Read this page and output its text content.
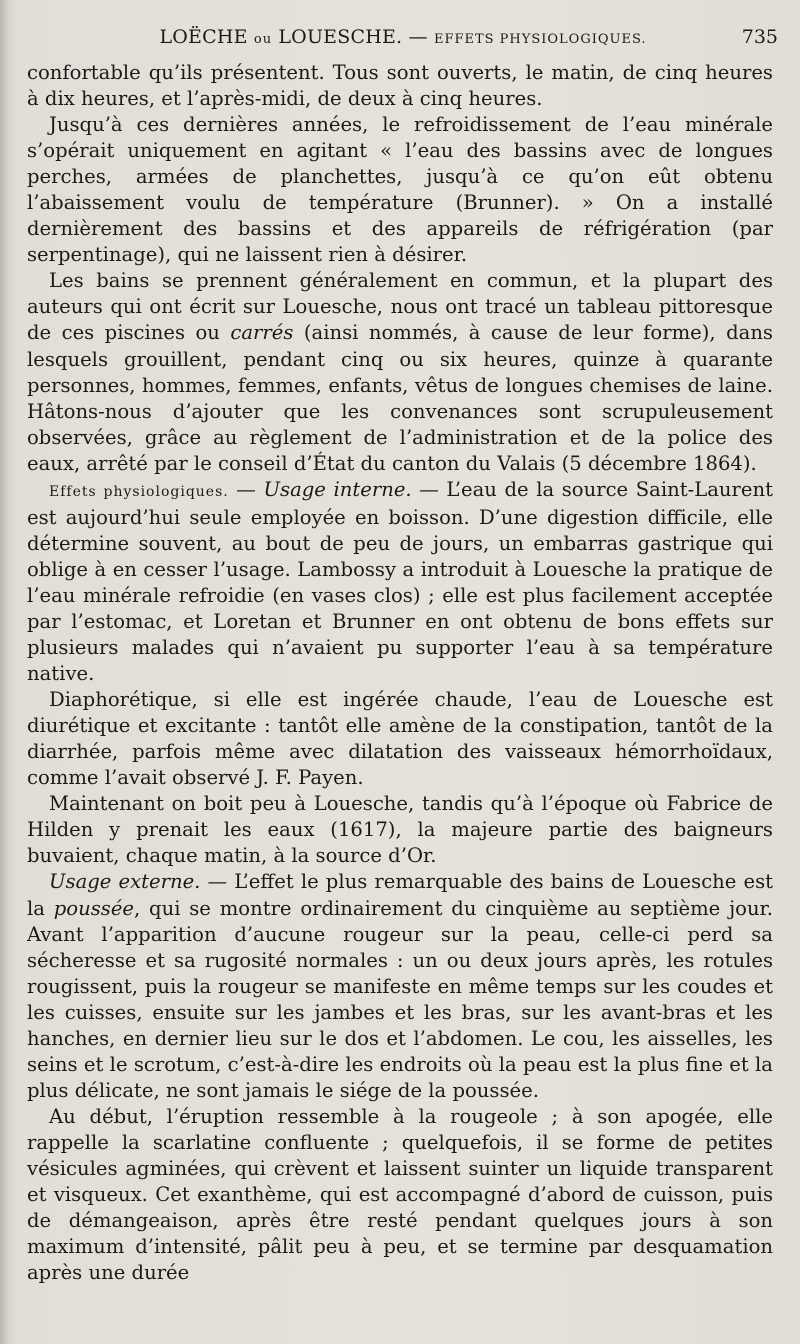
LOËCHE ou LOUESCHE. — EFFETS PHYSIOLOGIQUES.	735

confortable qu’ils présentent. Tous sont ouverts, le matin, de cinq heures à dix heures, et l’après-midi, de deux à cinq heures.

Jusqu’à ces dernières années, le refroidissement de l’eau minérale s’opérait uniquement en agitant « l’eau des bassins avec de longues perches, armées de planchettes, jusqu’à ce qu’on eût obtenu l’abaissement voulu de température (Brunner). » On a installé dernièrement des bassins et des appareils de réfrigération (par serpentinage), qui ne laissent rien à désirer.

Les bains se prennent généralement en commun, et la plupart des auteurs qui ont écrit sur Louesche, nous ont tracé un tableau pittoresque de ces piscines ou carrés (ainsi nommés, à cause de leur forme), dans lesquels grouillent, pendant cinq ou six heures, quinze à quarante personnes, hommes, femmes, enfants, vêtus de longues chemises de laine. Hâtons-nous d’ajouter que les convenances sont scrupuleusement observées, grâce au règlement de l’administration et de la police des eaux, arrêté par le conseil d’État du canton du Valais (5 décembre 1864).

Effets physiologiques. — Usage interne. — L’eau de la source Saint-Laurent est aujourd’hui seule employée en boisson. D’une digestion difficile, elle détermine souvent, au bout de peu de jours, un embarras gastrique qui oblige à en cesser l’usage. Lambossy a introduit à Louesche la pratique de l’eau minérale refroidie (en vases clos) ; elle est plus facilement acceptée par l’estomac, et Loretan et Brunner en ont obtenu de bons effets sur plusieurs malades qui n’avaient pu supporter l’eau à sa température native.

Diaphorétique, si elle est ingérée chaude, l’eau de Louesche est diurétique et excitante : tantôt elle amène de la constipation, tantôt de la diarrhée, parfois même avec dilatation des vaisseaux hémorrhoïdaux, comme l’avait observé J. F. Payen.

Maintenant on boit peu à Louesche, tandis qu’à l’époque où Fabrice de Hilden y prenait les eaux (1617), la majeure partie des baigneurs buvaient, chaque matin, à la source d’Or.

Usage externe. — L’effet le plus remarquable des bains de Louesche est la poussée, qui se montre ordinairement du cinquième au septième jour. Avant l’apparition d’aucune rougeur sur la peau, celle-ci perd sa sécheresse et sa rugosité normales : un ou deux jours après, les rotules rougissent, puis la rougeur se manifeste en même temps sur les coudes et les cuisses, ensuite sur les jambes et les bras, sur les avant-bras et les hanches, en dernier lieu sur le dos et l’abdomen. Le cou, les aisselles, les seins et le scrotum, c’est-à-dire les endroits où la peau est la plus fine et la plus délicate, ne sont jamais le siége de la poussée.

Au début, l’éruption ressemble à la rougeole ; à son apogée, elle rappelle la scarlatine confluente ; quelquefois, il se forme de petites vésicules agminées, qui crèvent et laissent suinter un liquide transparent et visqueux. Cet exanthème, qui est accompagné d’abord de cuisson, puis de démangeaison, après être resté pendant quelques jours à son maximum d’intensité, pâlit peu à peu, et se termine par desquamation après une durée
